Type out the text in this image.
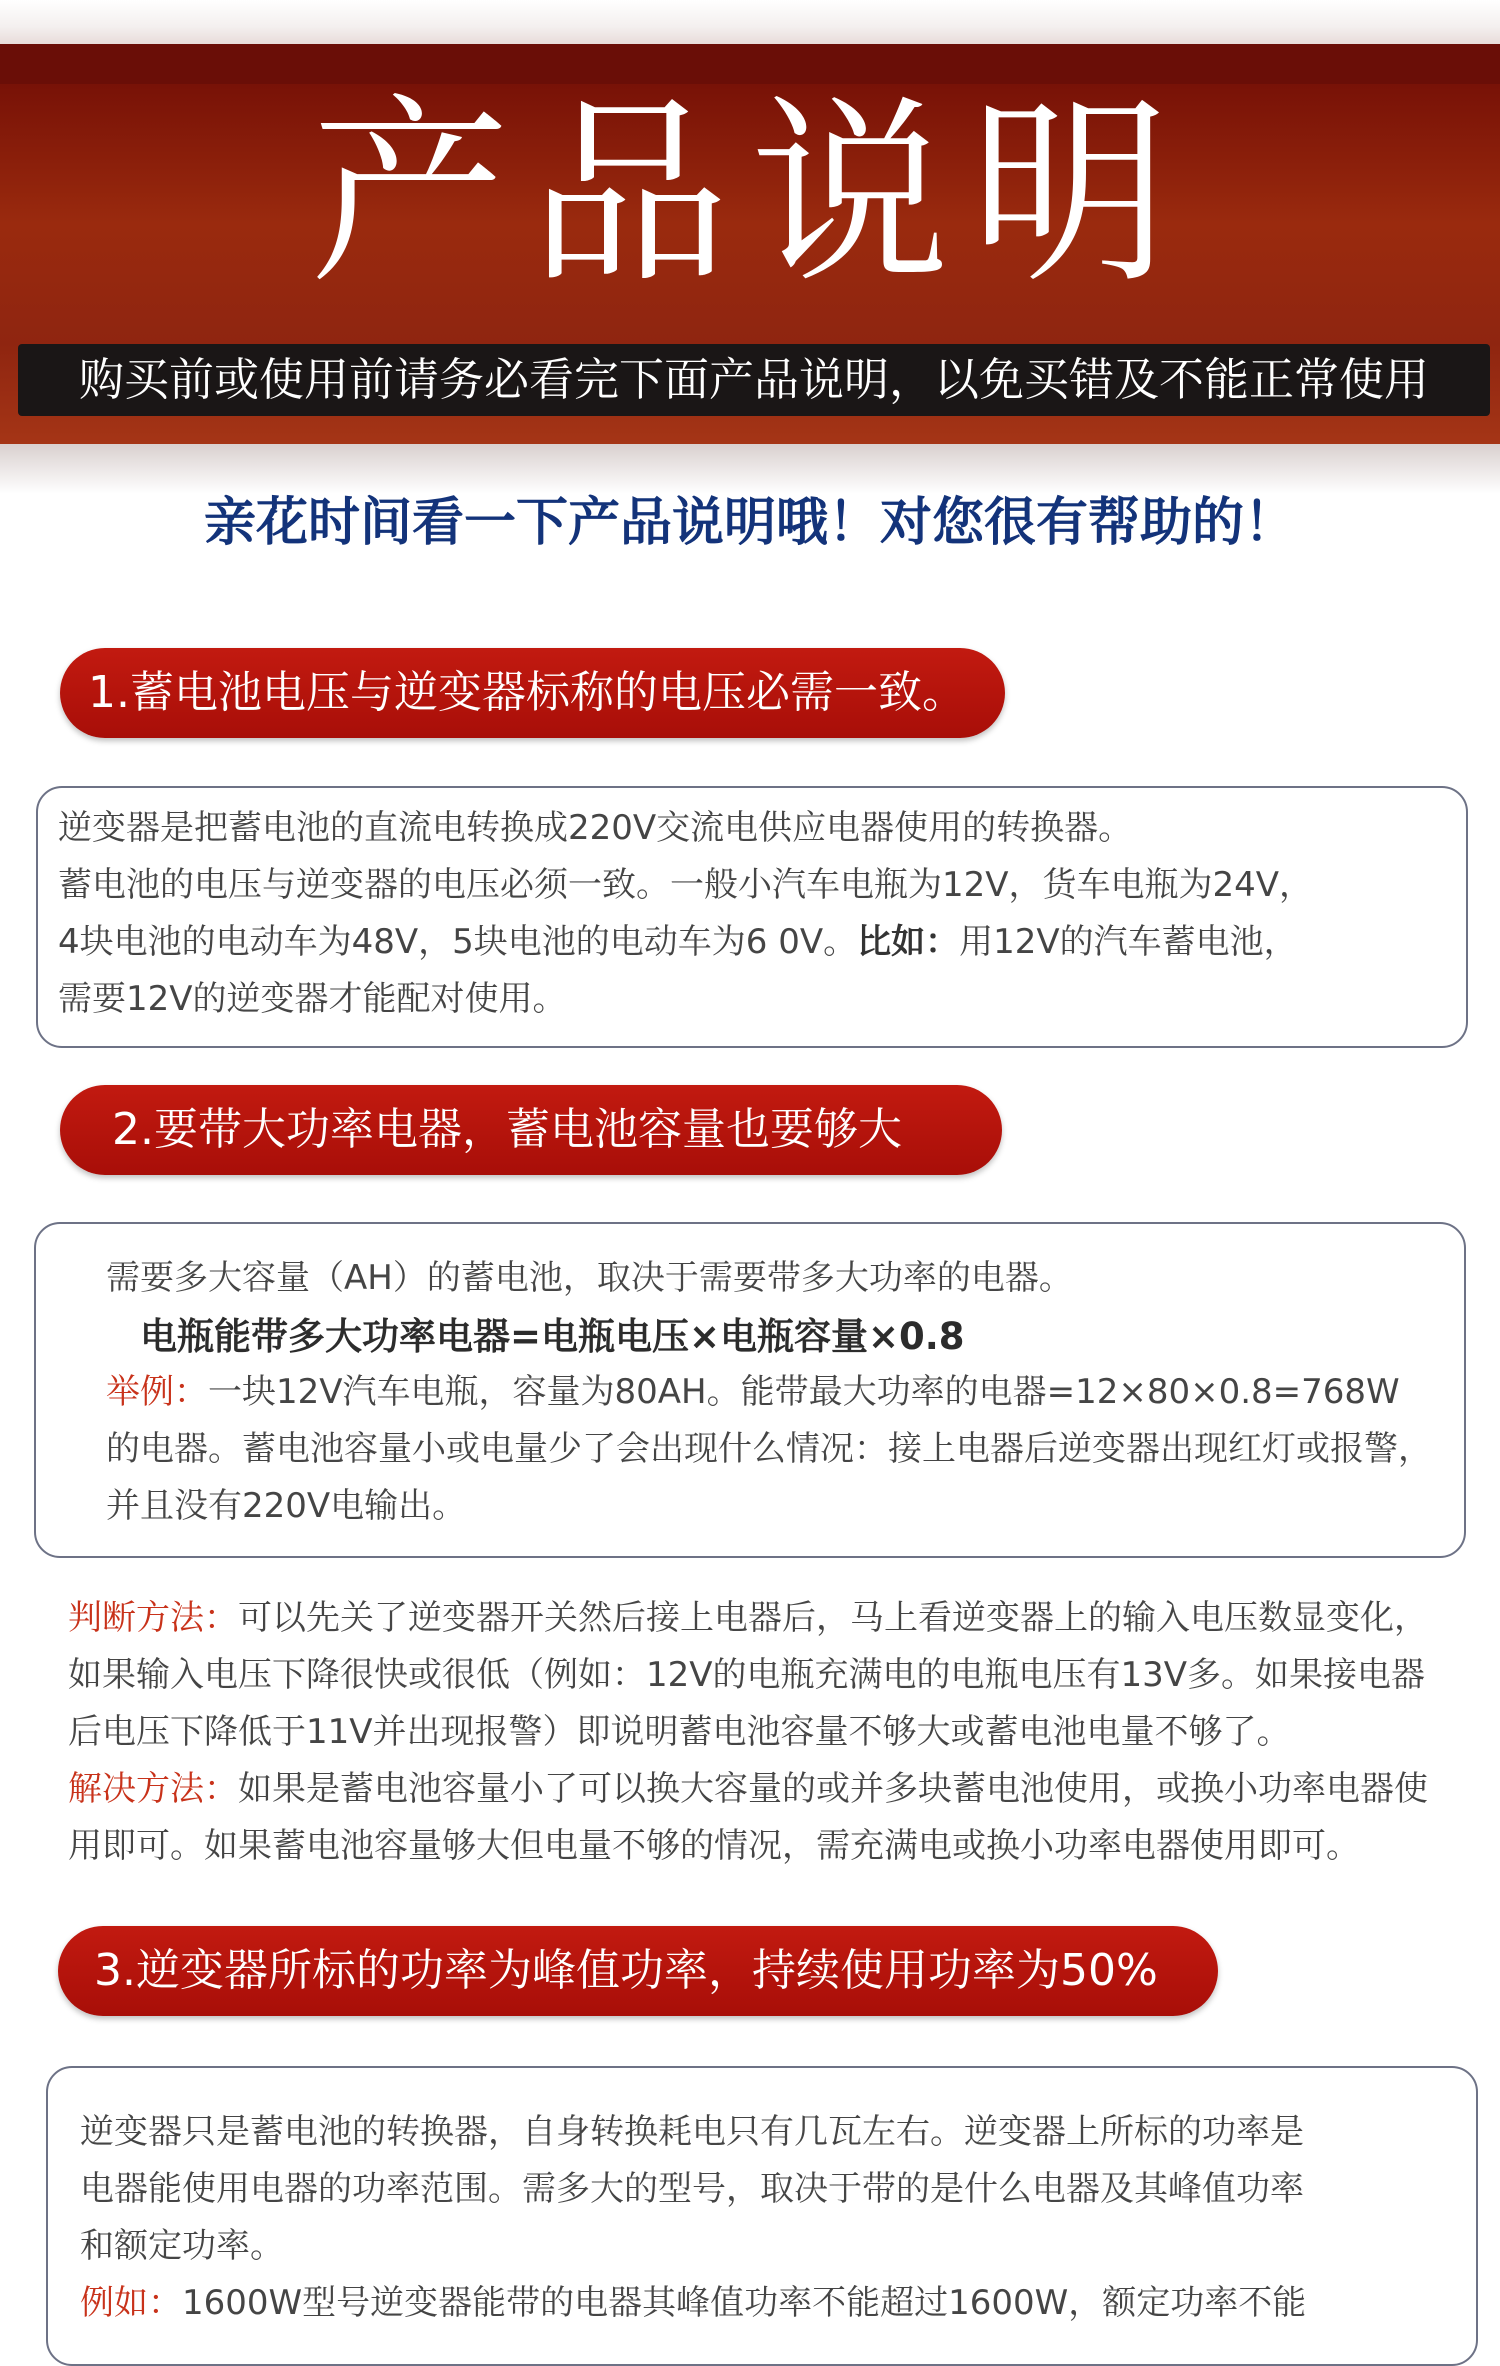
产品说明
购买前或使用前请务必看完下面产品说明，以免买错及不能正常使用
亲花时间看一下产品说明哦！对您很有帮助的！
1.蓄电池电压与逆变器标称的电压必需一致。

逆变器是把蓄电池的直流电转换成220V交流电供应电器使用的转换器。

蓄电池的电压与逆变器的电压必须一致。一般小汽车电瓶为12V，货车电瓶为24V，

4块电池的电动车为48V，5块电池的电动车为6 0V。比如：用12V的汽车蓄电池，

需要12V的逆变器才能配对使用。

2.要带大功率电器，蓄电池容量也要够大

需要多大容量（AH）的蓄电池，取决于需要带多大功率的电器。

电瓶能带多大功率电器=电瓶电压×电瓶容量×0.8

举例：一块12V汽车电瓶，容量为80AH。能带最大功率的电器=12×80×0.8=768W

的电器。蓄电池容量小或电量少了会出现什么情况：接上电器后逆变器出现红灯或报警，

并且没有220V电输出。

判断方法：可以先关了逆变器开关然后接上电器后，马上看逆变器上的输入电压数显变化，

如果输入电压下降很快或很低（例如：12V的电瓶充满电的电瓶电压有13V多。如果接电器

后电压下降低于11V并出现报警）即说明蓄电池容量不够大或蓄电池电量不够了。

解决方法：如果是蓄电池容量小了可以换大容量的或并多块蓄电池使用，或换小功率电器使

用即可。如果蓄电池容量够大但电量不够的情况，需充满电或换小功率电器使用即可。

3.逆变器所标的功率为峰值功率，持续使用功率为50%

逆变器只是蓄电池的转换器，自身转换耗电只有几瓦左右。逆变器上所标的功率是

电器能使用电器的功率范围。需多大的型号，取决于带的是什么电器及其峰值功率

和额定功率。

例如：1600W型号逆变器能带的电器其峰值功率不能超过1600W，额定功率不能
